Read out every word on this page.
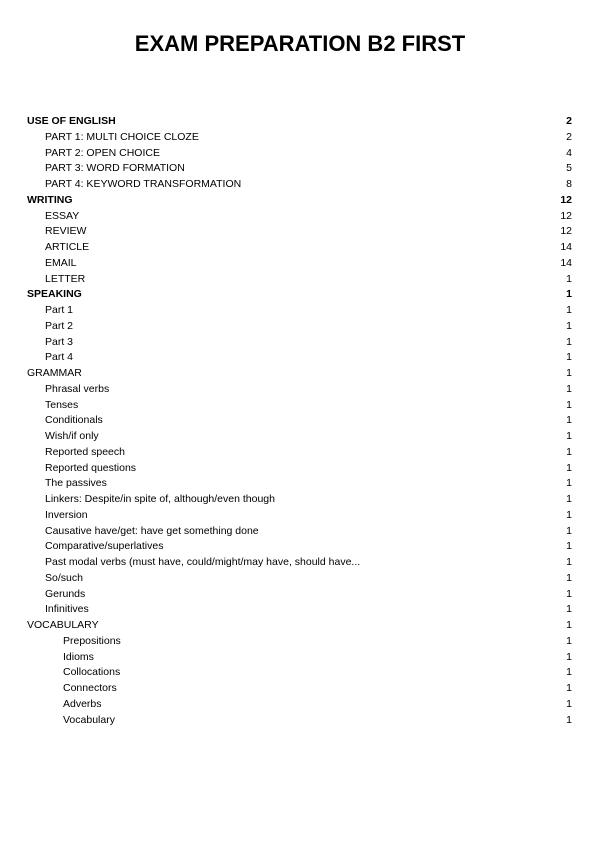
EXAM PREPARATION B2 FIRST
USE OF ENGLISH	2
PART 1: MULTI CHOICE CLOZE	2
PART 2: OPEN CHOICE	4
PART 3: WORD FORMATION	5
PART 4: KEYWORD TRANSFORMATION	8
WRITING	12
ESSAY	12
REVIEW	12
ARTICLE	14
EMAIL	14
LETTER	1
SPEAKING	1
Part 1	1
Part 2	1
Part 3	1
Part 4	1
GRAMMAR	1
Phrasal verbs	1
Tenses	1
Conditionals	1
Wish/if only	1
Reported speech	1
Reported questions	1
The passives	1
Linkers: Despite/in spite of, although/even though	1
Inversion	1
Causative have/get: have get something done	1
Comparative/superlatives	1
Past modal verbs (must have, could/might/may have, should have...	1
So/such	1
Gerunds	1
Infinitives	1
VOCABULARY	1
Prepositions	1
Idioms	1
Collocations	1
Connectors	1
Adverbs	1
Vocabulary	1
